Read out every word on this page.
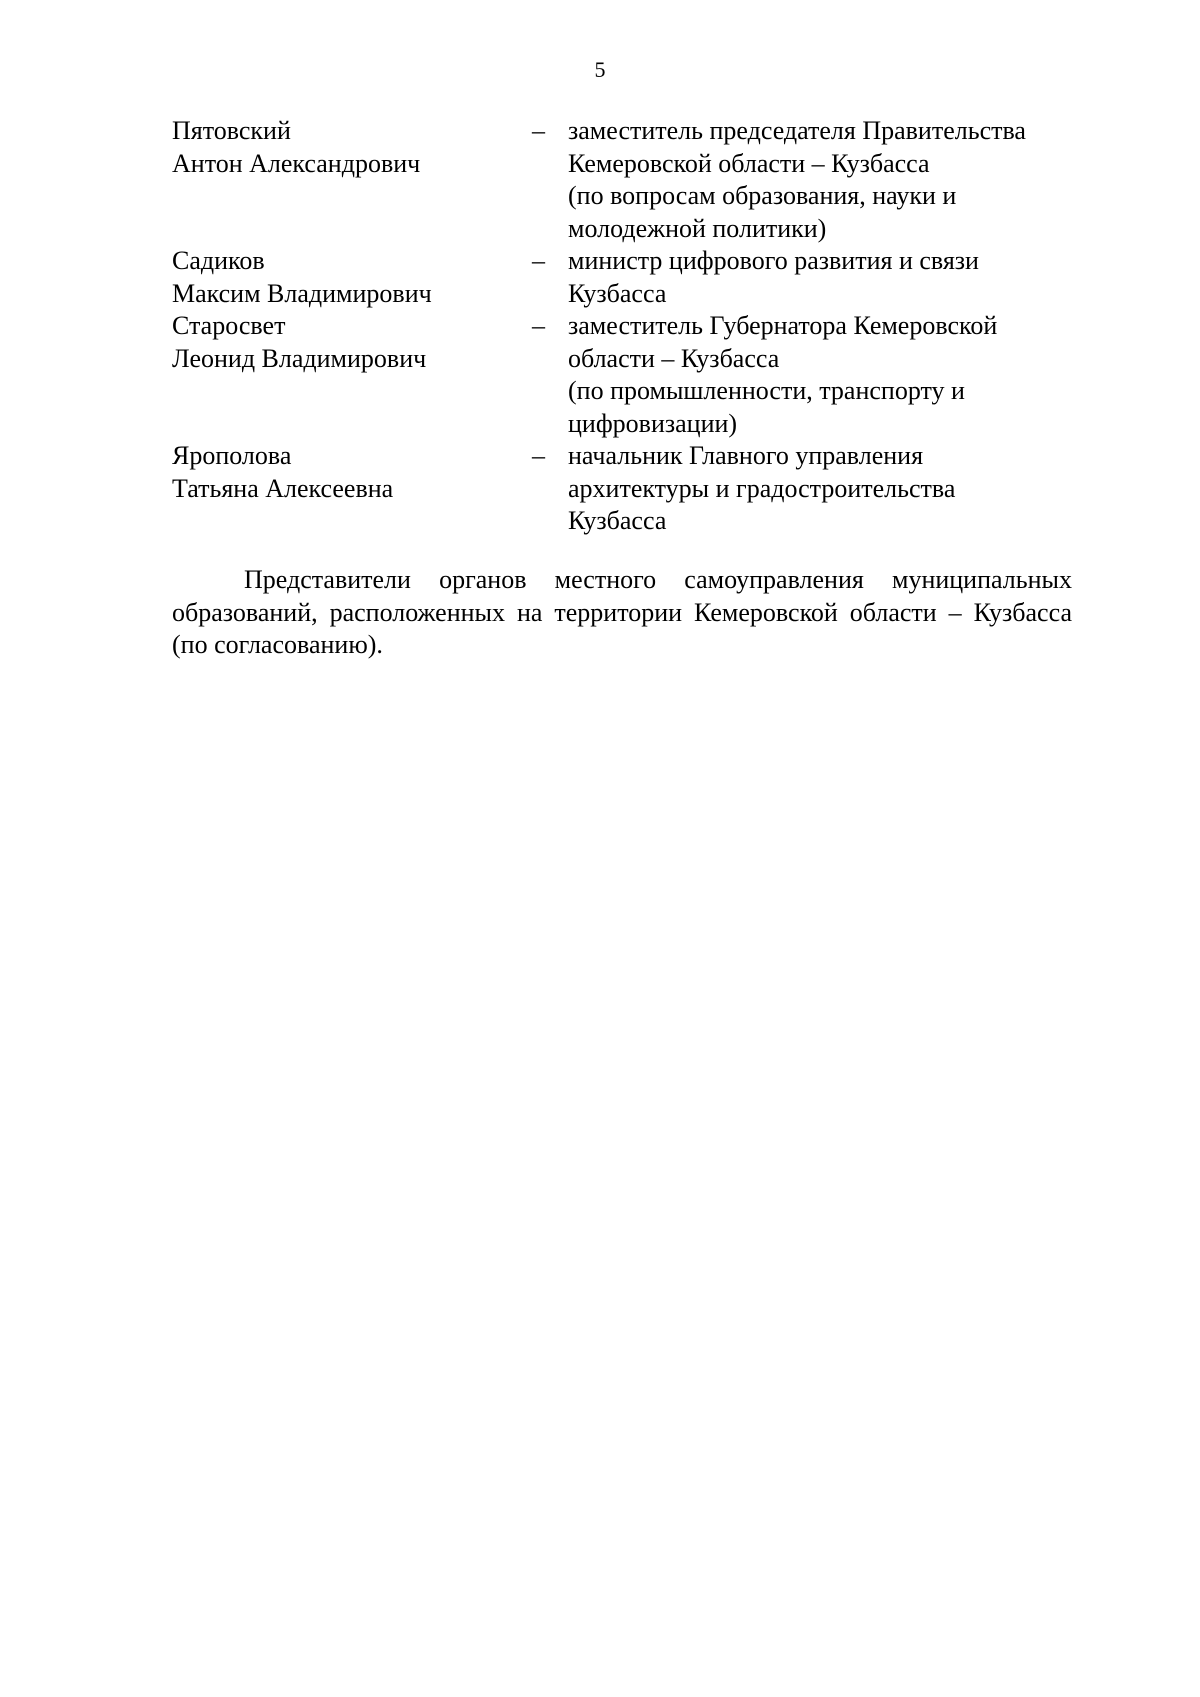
5
Пятовский
Антон Александрович
– заместитель председателя Правительства
Кемеровской области – Кузбасса
(по вопросам образования, науки и
молодежной политики)
Садиков
Максим Владимирович
– министр цифрового развития и связи
Кузбасса
Старосвет
Леонид Владимирович
– заместитель Губернатора Кемеровской
области – Кузбасса
(по промышленности, транспорту и
цифровизации)
Ярополова
Татьяна Алексеевна
– начальник Главного управления
архитектуры и градостроительства
Кузбасса

Представители органов местного самоуправления муниципальных образований, расположенных на территории Кемеровской области – Кузбасса (по согласованию).
